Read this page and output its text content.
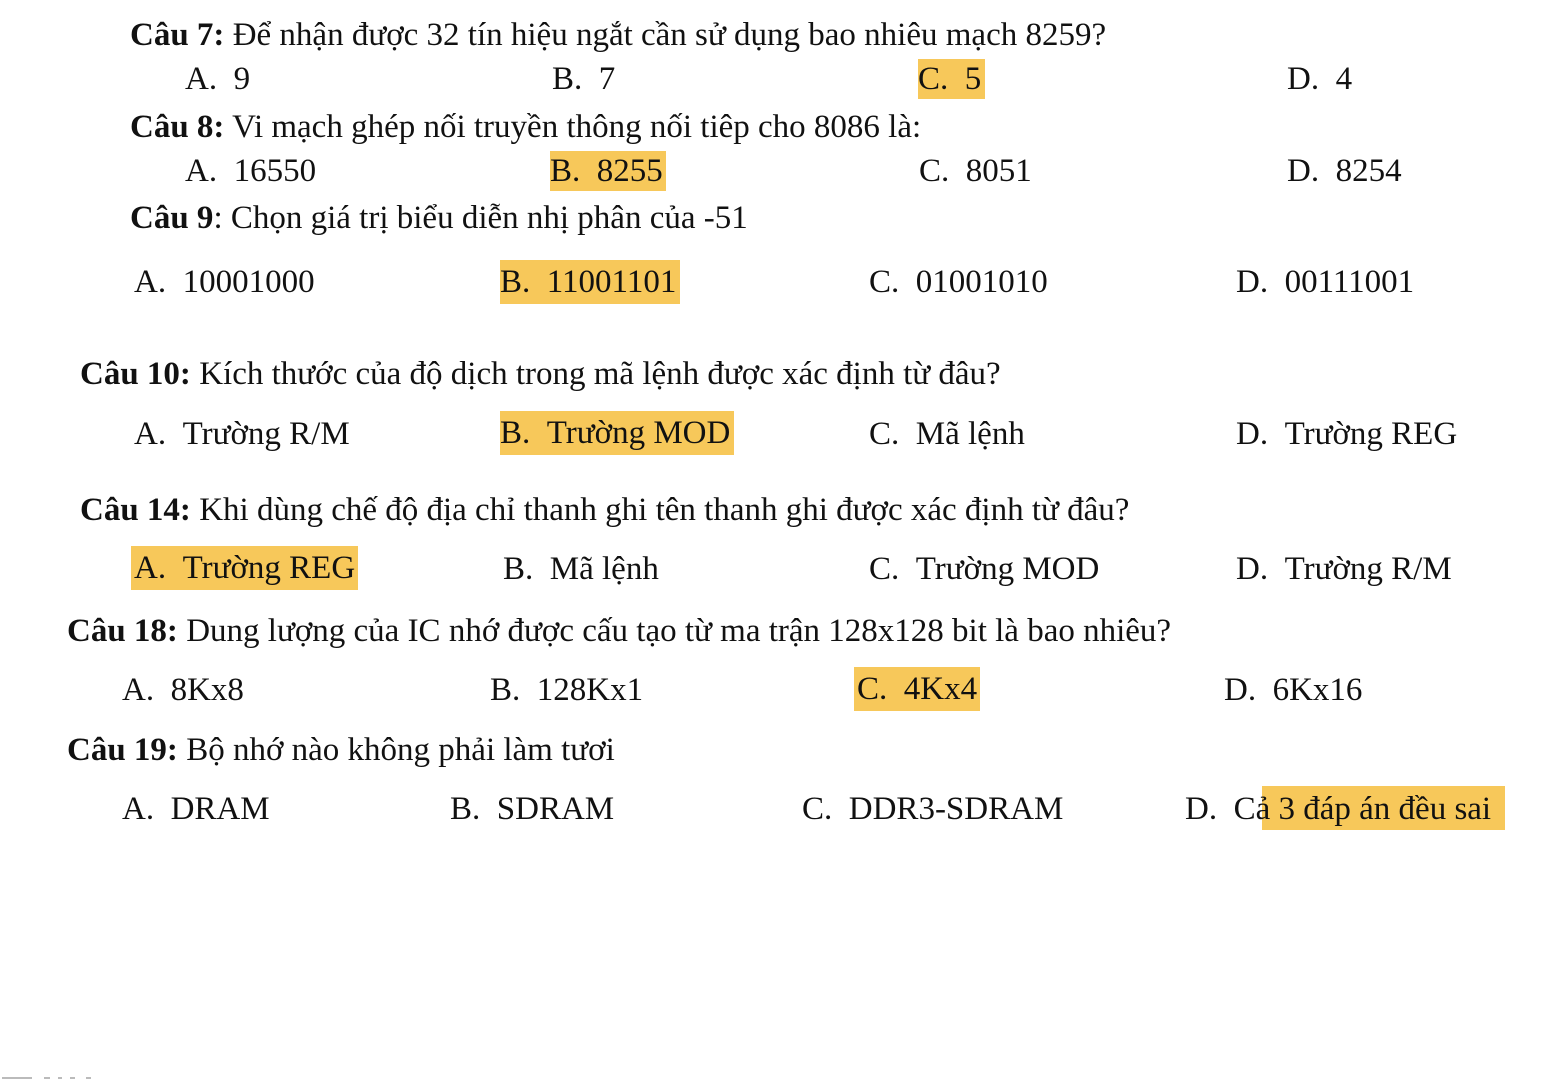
Câu 7: Để nhận được 32 tín hiệu ngắt cần sử dụng bao nhiêu mạch 8259?
A. 9	B. 7	C. 5	D. 4
Câu 8: Vi mạch ghép nối truyền thông nối tiêp cho 8086 là:
A. 16550	B. 8255	C. 8051	D. 8254
Câu 9: Chọn giá trị biểu diễn nhị phân của -51
A. 10001000	B. 11001101	C. 01001010	D. 00111001
Câu 10: Kích thước của độ dịch trong mã lệnh được xác định từ đâu?
A. Trường R/M	B. Trường MOD	C. Mã lệnh	D. Trường REG
Câu 14: Khi dùng chế độ địa chỉ thanh ghi tên thanh ghi được xác định từ đâu?
A. Trường REG	B. Mã lệnh	C. Trường MOD	D. Trường R/M
Câu 18: Dung lượng của IC nhớ được cấu tạo từ ma trận 128x128 bit là bao nhiêu?
A. 8Kx8	B. 128Kx1	C. 4Kx4	D. 6Kx16
Câu 19: Bộ nhớ nào không phải làm tươi
A. DRAM	B. SDRAM	C. DDR3-SDRAM	D. Cả 3 đáp án đều sai
